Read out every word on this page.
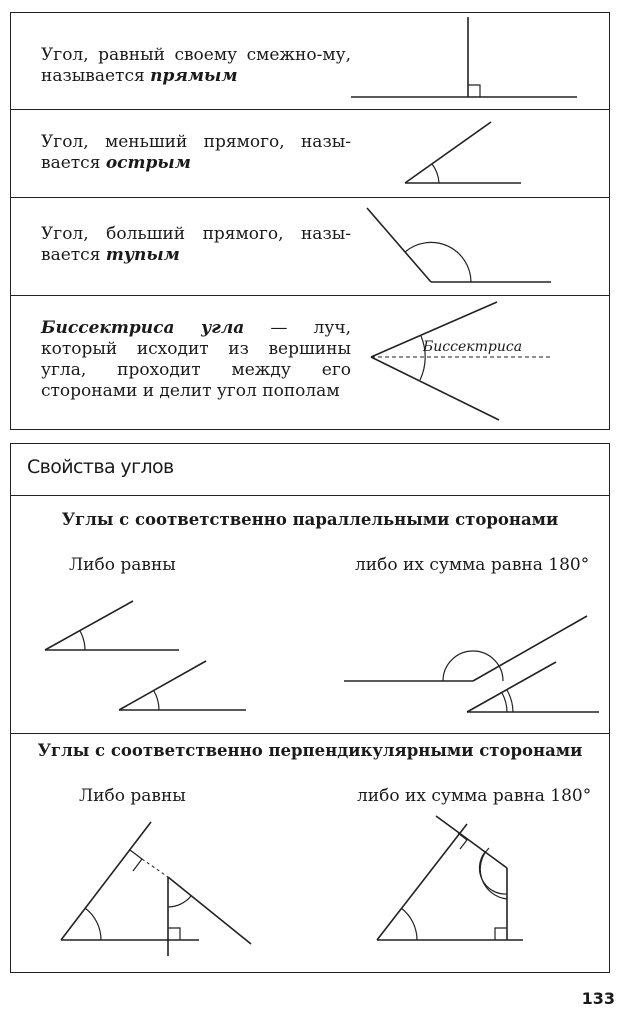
Угол, равный своему смежно-му, называется прямым
Угол, меньший прямого, назы-вается острым
Угол, больший прямого, назы-вается тупым
Биссектриса угла — луч, который исходит из вершины угла, проходит между его сторонами и делит угол пополам
Биссектриса
Свойства углов
Углы с соответственно параллельными сторонами
Либо равны	либо их сумма равна 180°
Углы с соответственно перпендикулярными сторонами
Либо равны	либо их сумма равна 180°
133
